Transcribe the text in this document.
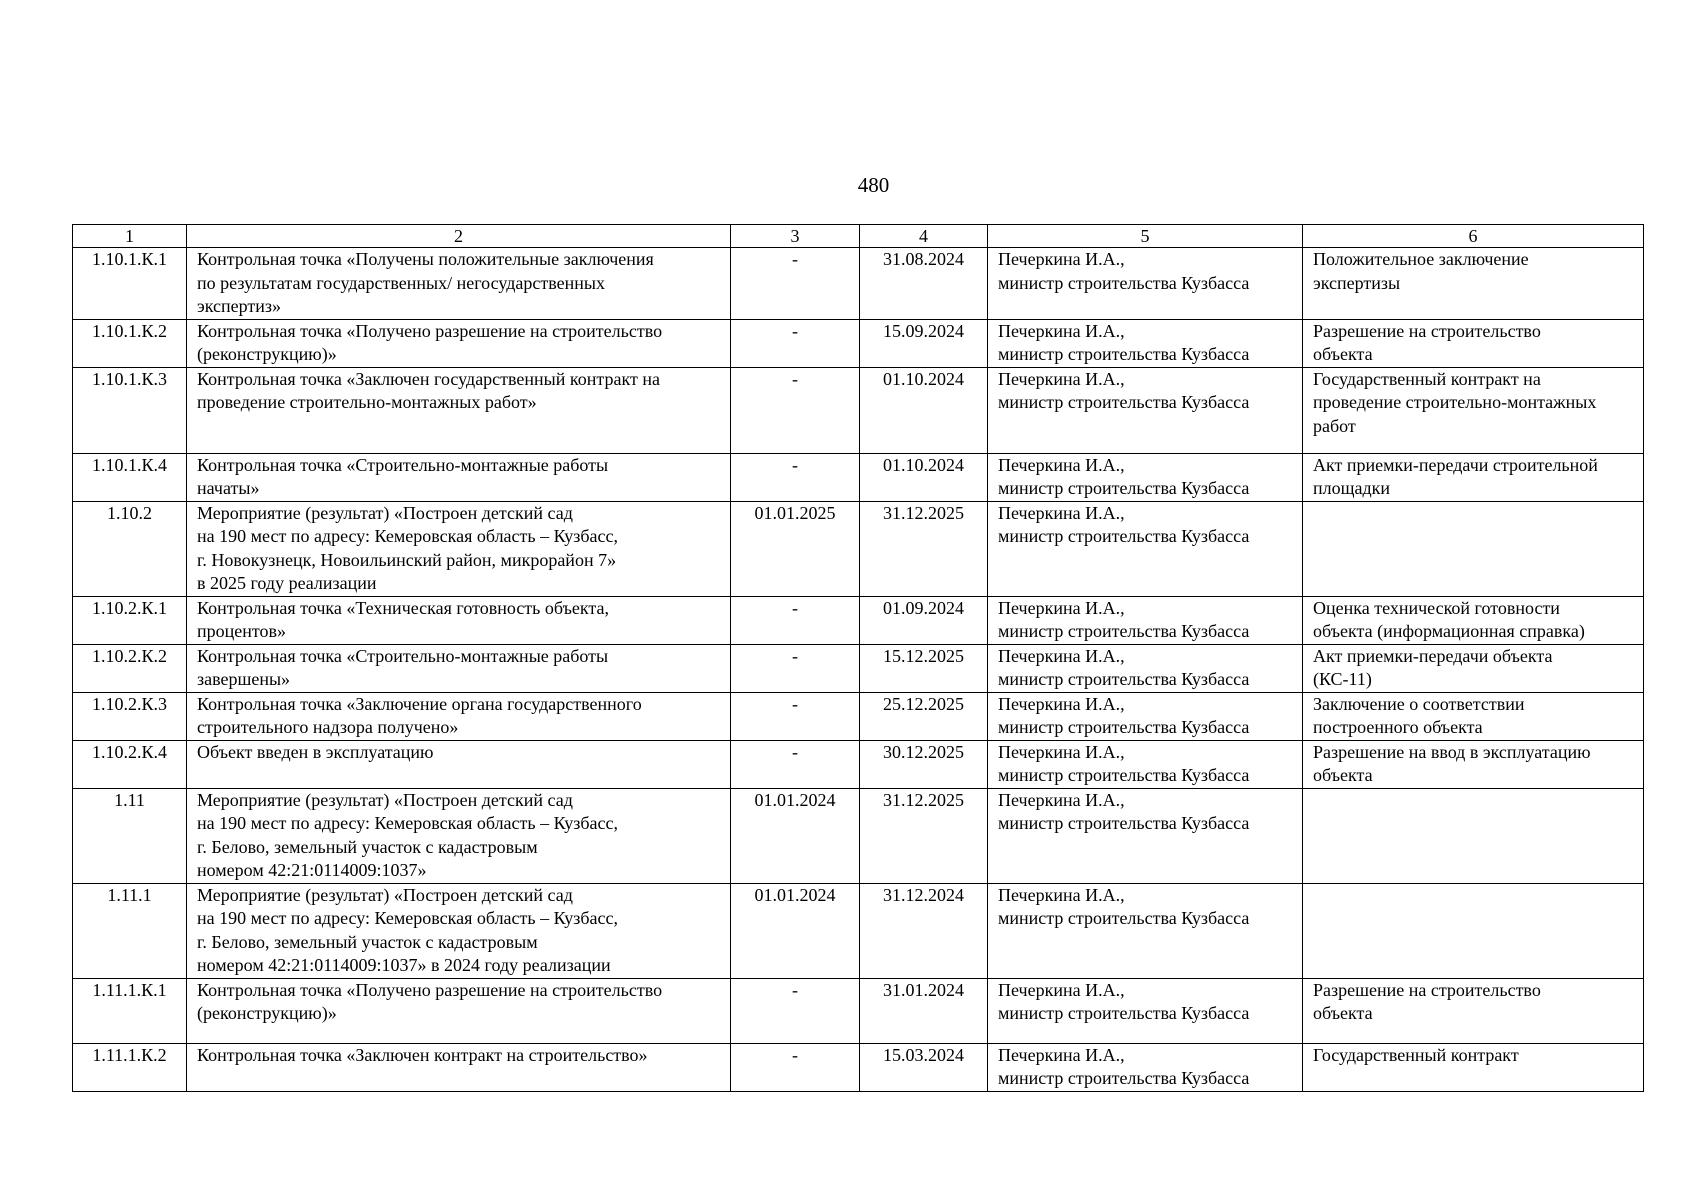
480
1	2	3	4	5	6
1.10.1.К.1	Контрольная точка «Получены положительные заключения
по результатам государственных/ негосударственных
экспертиз»	-	31.08.2024	Печеркина И.А.,
министр строительства Кузбасса	Положительное заключение
экспертизы

1.10.1.К.2	Контрольная точка «Получено разрешение на строительство
(реконструкцию)»	-	15.09.2024	Печеркина И.А.,
министр строительства Кузбасса	Разрешение на строительство
объекта

1.10.1.К.3	Контрольная точка «Заключен государственный контракт на
проведение строительно-монтажных работ»	-	01.10.2024	Печеркина И.А.,
министр строительства Кузбасса	Государственный контракт на
проведение строительно-монтажных
работ

1.10.1.К.4	Контрольная точка «Строительно-монтажные работы
начаты»	-	01.10.2024	Печеркина И.А.,
министр строительства Кузбасса	Акт приемки-передачи строительной
площадки

1.10.2	Мероприятие (результат) «Построен детский сад
на 190 мест по адресу: Кемеровская область – Кузбасс,
г. Новокузнецк, Новоильинский район, микрорайон 7»
в 2025 году реализации	01.01.2025	31.12.2025	Печеркина И.А.,
министр строительства Кузбасса	

1.10.2.К.1	Контрольная точка «Техническая готовность объекта,
процентов»	-	01.09.2024	Печеркина И.А.,
министр строительства Кузбасса	Оценка технической готовности
объекта (информационная справка)

1.10.2.К.2	Контрольная точка «Строительно-монтажные работы
завершены»	-	15.12.2025	Печеркина И.А.,
министр строительства Кузбасса	Акт приемки-передачи объекта
(КС-11)

1.10.2.К.3	Контрольная точка «Заключение органа государственного
строительного надзора получено»	-	25.12.2025	Печеркина И.А.,
министр строительства Кузбасса	Заключение о соответствии
построенного объекта

1.10.2.К.4	Объект введен в эксплуатацию	-	30.12.2025	Печеркина И.А.,
министр строительства Кузбасса	Разрешение на ввод в эксплуатацию
объекта

1.11	Мероприятие (результат) «Построен детский сад
на 190 мест по адресу: Кемеровская область – Кузбасс,
г. Белово, земельный участок с кадастровым
номером 42:21:0114009:1037»	01.01.2024	31.12.2025	Печеркина И.А.,
министр строительства Кузбасса	

1.11.1	Мероприятие (результат) «Построен детский сад
на 190 мест по адресу: Кемеровская область – Кузбасс,
г. Белово, земельный участок с кадастровым
номером 42:21:0114009:1037» в 2024 году реализации	01.01.2024	31.12.2024	Печеркина И.А.,
министр строительства Кузбасса	

1.11.1.К.1	Контрольная точка «Получено разрешение на строительство
(реконструкцию)»	-	31.01.2024	Печеркина И.А.,
министр строительства Кузбасса	Разрешение на строительство
объекта

1.11.1.К.2	Контрольная точка «Заключен контракт на строительство»	-	15.03.2024	Печеркина И.А.,
министр строительства Кузбасса	Государственный контракт
